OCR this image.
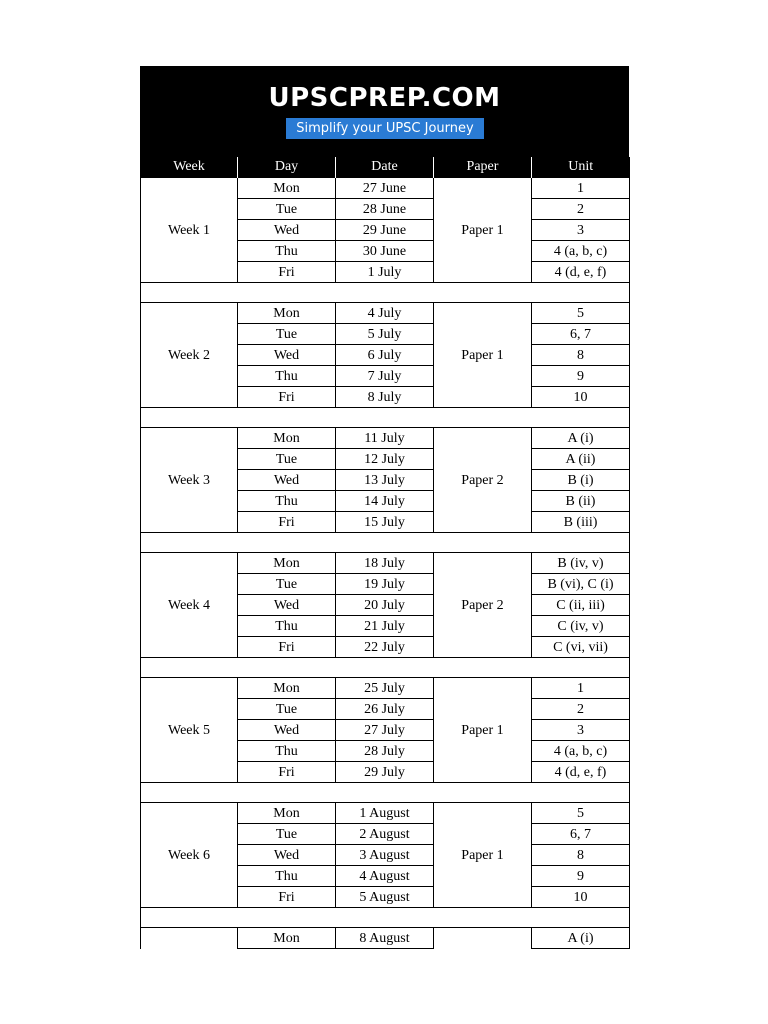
UPSCPREP.COM
Simplify your UPSC Journey
Week	Day	Date	Paper	Unit
Week 1	Mon	27 June	Paper 1	1
	Tue	28 June		2
	Wed	29 June		3
	Thu	30 June		4 (a, b, c)
	Fri	1 July		4 (d, e, f)

Week 2	Mon	4 July	Paper 1	5
	Tue	5 July		6, 7
	Wed	6 July		8
	Thu	7 July		9
	Fri	8 July		10

Week 3	Mon	11 July	Paper 2	A (i)
	Tue	12 July		A (ii)
	Wed	13 July		B (i)
	Thu	14 July		B (ii)
	Fri	15 July		B (iii)

Week 4	Mon	18 July	Paper 2	B (iv, v)
	Tue	19 July		B (vi), C (i)
	Wed	20 July		C (ii, iii)
	Thu	21 July		C (iv, v)
	Fri	22 July		C (vi, vii)

Week 5	Mon	25 July	Paper 1	1
	Tue	26 July		2
	Wed	27 July		3
	Thu	28 July		4 (a, b, c)
	Fri	29 July		4 (d, e, f)

Week 6	Mon	1 August	Paper 1	5
	Tue	2 August		6, 7
	Wed	3 August		8
	Thu	4 August		9
	Fri	5 August		10

	Mon	8 August		A (i)
